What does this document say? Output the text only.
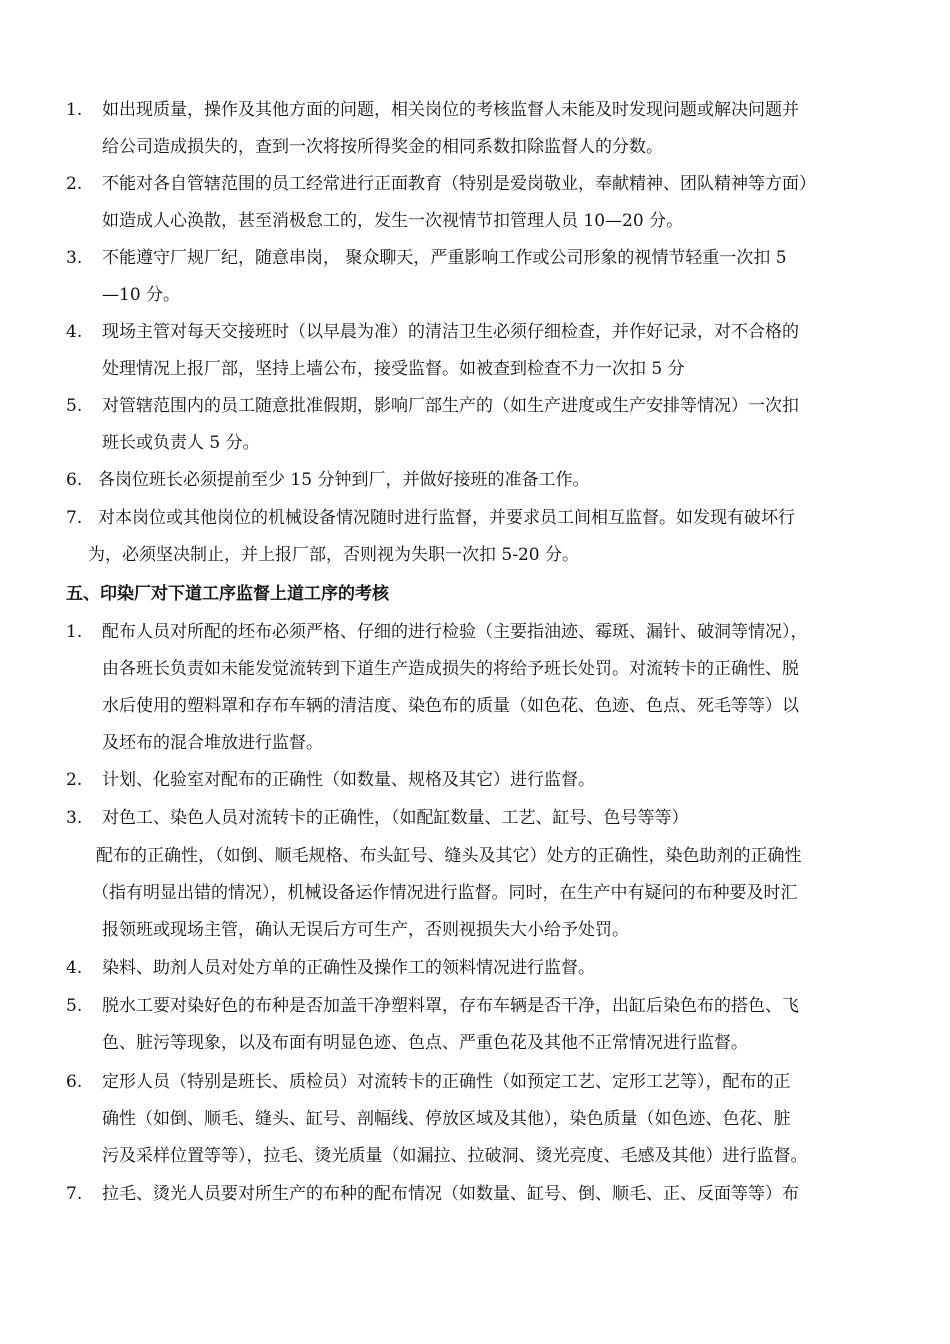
1. 如出现质量，操作及其他方面的问题，相关岗位的考核监督人未能及时发现问题或解决问题并
给公司造成损失的，查到一次将按所得奖金的相同系数扣除监督人的分数。
2. 不能对各自管辖范围的员工经常进行正面教育（特别是爱岗敬业，奉献精神、团队精神等方面）
如造成人心涣散，甚至消极怠工的，发生一次视情节扣管理人员 10—20 分。
3. 不能遵守厂规厂纪，随意串岗， 聚众聊天，严重影响工作或公司形象的视情节轻重一次扣 5
—10 分。
4. 现场主管对每天交接班时（以早晨为准）的清洁卫生必须仔细检查，并作好记录，对不合格的
处理情况上报厂部，坚持上墙公布，接受监督。如被查到检查不力一次扣 5 分
5. 对管辖范围内的员工随意批准假期，影响厂部生产的（如生产进度或生产安排等情况）一次扣
班长或负责人 5 分。
6. 各岗位班长必须提前至少 15 分钟到厂，并做好接班的准备工作。
7. 对本岗位或其他岗位的机械设备情况随时进行监督，并要求员工间相互监督。如发现有破坏行
为，必须坚决制止，并上报厂部，否则视为失职一次扣 5-20 分。
五、印染厂对下道工序监督上道工序的考核
1. 配布人员对所配的坯布必须严格、仔细的进行检验（主要指油迹、霉斑、漏针、破洞等情况），
由各班长负责如未能发觉流转到下道生产造成损失的将给予班长处罚。对流转卡的正确性、脱
水后使用的塑料罩和存布车辆的清洁度、染色布的质量（如色花、色迹、色点、死毛等等）以
及坯布的混合堆放进行监督。
2. 计划、化验室对配布的正确性（如数量、规格及其它）进行监督。
3. 对色工、染色人员对流转卡的正确性，（如配缸数量、工艺、缸号、色号等等）
配布的正确性，（如倒、顺毛规格、布头缸号、缝头及其它）处方的正确性，染色助剂的正确性
（指有明显出错的情况），机械设备运作情况进行监督。同时，在生产中有疑问的布种要及时汇
报领班或现场主管，确认无误后方可生产，否则视损失大小给予处罚。
4. 染料、助剂人员对处方单的正确性及操作工的领料情况进行监督。
5. 脱水工要对染好色的布种是否加盖干净塑料罩，存布车辆是否干净，出缸后染色布的搭色、飞
色、脏污等现象，以及布面有明显色迹、色点、严重色花及其他不正常情况进行监督。
6. 定形人员（特别是班长、质检员）对流转卡的正确性（如预定工艺、定形工艺等），配布的正
确性（如倒、顺毛、缝头、缸号、剖幅线、停放区域及其他），染色质量（如色迹、色花、脏
污及采样位置等等），拉毛、烫光质量（如漏拉、拉破洞、烫光亮度、毛感及其他）进行监督。
7. 拉毛、烫光人员要对所生产的布种的配布情况（如数量、缸号、倒、顺毛、正、反面等等）布
